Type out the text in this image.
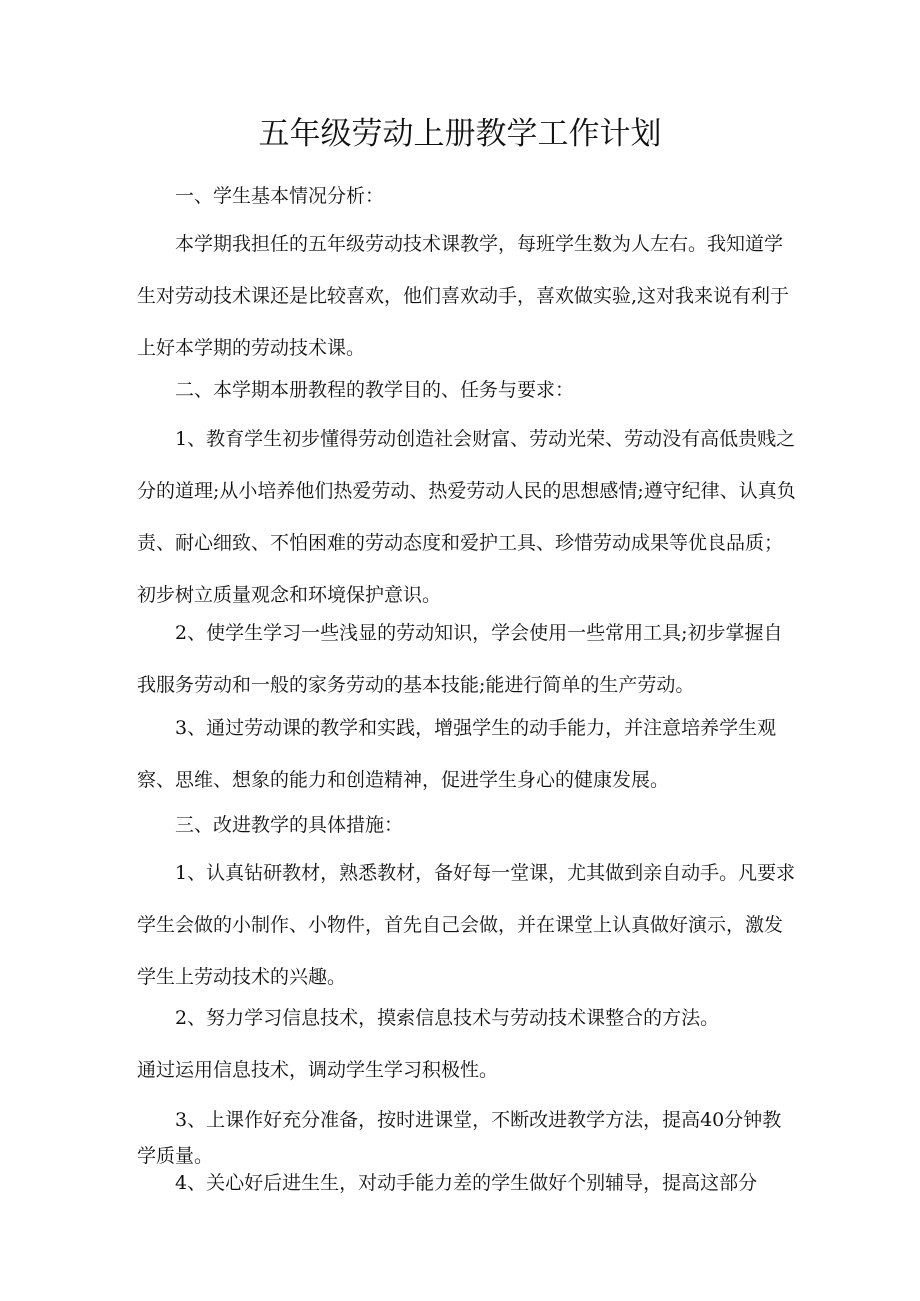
五年级劳动上册教学工作计划

一、学生基本情况分析：

本学期我担任的五年级劳动技术课教学，每班学生数为人左右。我知道学生对劳动技术课还是比较喜欢，他们喜欢动手，喜欢做实验,这对我来说有利于上好本学期的劳动技术课。

二、本学期本册教程的教学目的、任务与要求：

1、教育学生初步懂得劳动创造社会财富、劳动光荣、劳动没有高低贵贱之分的道理;从小培养他们热爱劳动、热爱劳动人民的思想感情;遵守纪律、认真负责、耐心细致、不怕困难的劳动态度和爱护工具、珍惜劳动成果等优良品质；初步树立质量观念和环境保护意识。

2、使学生学习一些浅显的劳动知识，学会使用一些常用工具;初步掌握自我服务劳动和一般的家务劳动的基本技能;能进行简单的生产劳动。

3、通过劳动课的教学和实践，增强学生的动手能力，并注意培养学生观察、思维、想象的能力和创造精神，促进学生身心的健康发展。

三、改进教学的具体措施：

1、认真钻研教材，熟悉教材，备好每一堂课，尤其做到亲自动手。凡要求学生会做的小制作、小物件，首先自己会做，并在课堂上认真做好演示，激发学生上劳动技术的兴趣。

2、努力学习信息技术，摸索信息技术与劳动技术课整合的方法。

通过运用信息技术，调动学生学习积极性。

3、上课作好充分准备，按时进课堂，不断改进教学方法，提高40分钟教学质量。

4、关心好后进生生，对动手能力差的学生做好个别辅导，提高这部分
